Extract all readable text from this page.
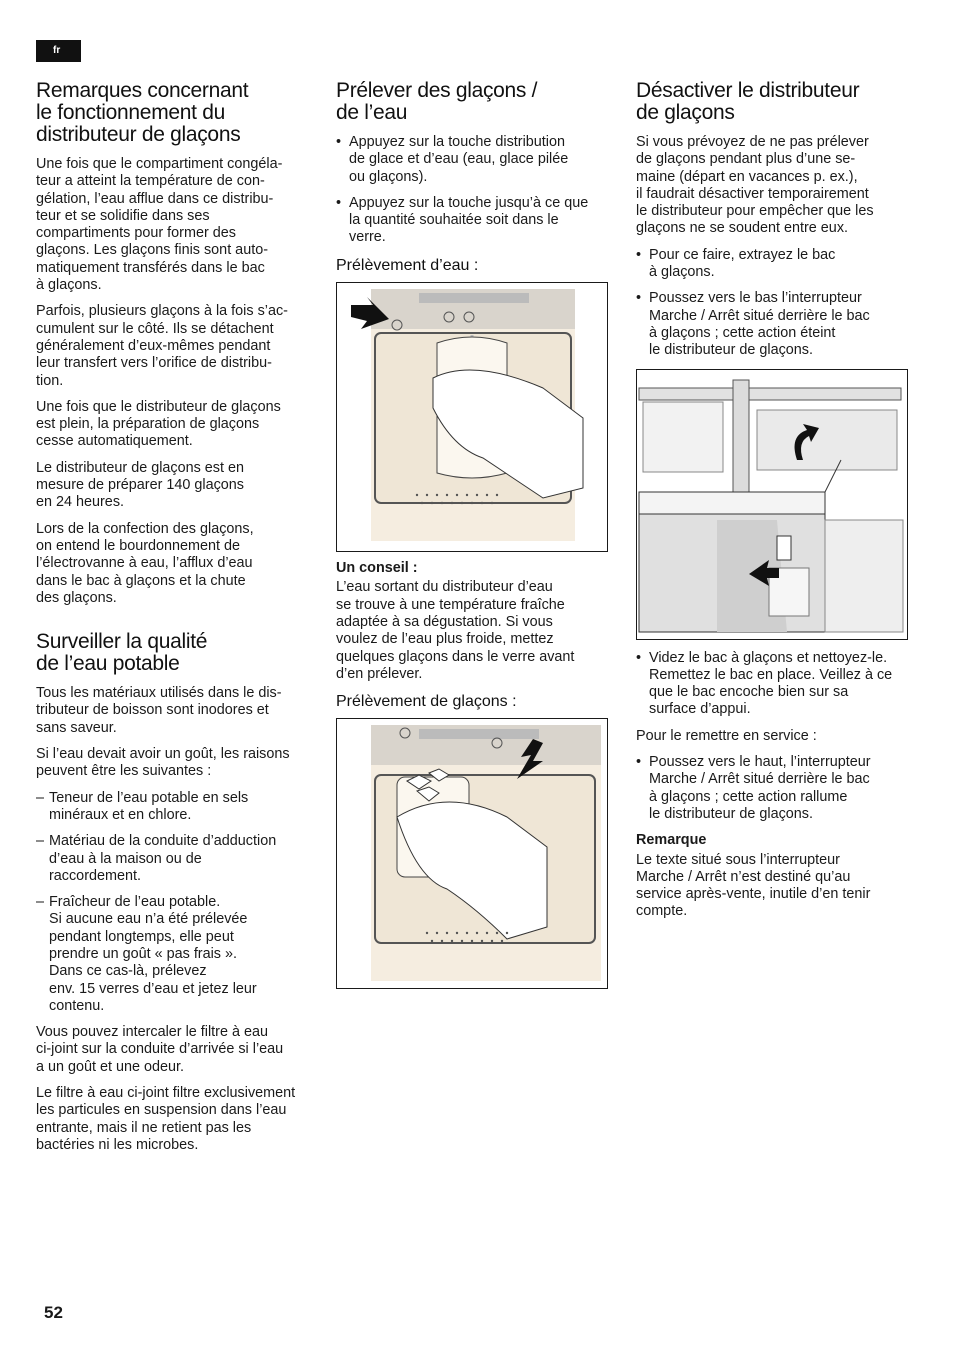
fr
Remarques concernant
le fonctionnement du
distributeur de glaçons

Une fois que le compartiment congéla-
teur a atteint la température de con-
gélation, l’eau afflue dans ce distribu-
teur et se solidifie dans ses
compartiments pour former des
glaçons. Les glaçons finis sont auto-
matiquement transférés dans le bac
à glaçons.

Parfois, plusieurs glaçons à la fois s’ac-
cumulent sur le côté. Ils se détachent
généralement d’eux-mêmes pendant
leur transfert vers l’orifice de distribu-
tion.

Une fois que le distributeur de glaçons
est plein, la préparation de glaçons
cesse automatiquement.

Le distributeur de glaçons est en
mesure de préparer 140 glaçons
en 24 heures.

Lors de la confection des glaçons,
on entend le bourdonnement de
l’électrovanne à eau, l’afflux d’eau
dans le bac à glaçons et la chute
des glaçons.

Surveiller la qualité
de l’eau potable

Tous les matériaux utilisés dans le dis-
tributeur de boisson sont inodores et
sans saveur.

Si l’eau devait avoir un goût, les raisons
peuvent être les suivantes :

– Teneur de l’eau potable en sels
minéraux et en chlore.
– Matériau de la conduite d’adduction
d’eau à la maison ou de
raccordement.
– Fraîcheur de l’eau potable.
Si aucune eau n’a été prélevée
pendant longtemps, elle peut
prendre un goût « pas frais ».
Dans ce cas-là, prélevez
env. 15 verres d’eau et jetez leur
contenu.

Vous pouvez intercaler le filtre à eau
ci-joint sur la conduite d’arrivée si l’eau
a un goût et une odeur.

Le filtre à eau ci-joint filtre exclusivement
les particules en suspension dans l’eau
entrante, mais il ne retient pas les
bactéries ni les microbes.

Prélever des glaçons /
de l’eau
• Appuyez sur la touche distribution
de glace et d’eau (eau, glace pilée
ou glaçons).
• Appuyez sur la touche jusqu’à ce que
la quantité souhaitée soit dans le
verre.
Prélèvement d’eau :
Un conseil :

L’eau sortant du distributeur d’eau
se trouve à une température fraîche
adaptée à sa dégustation. Si vous
voulez de l’eau plus froide, mettez
quelques glaçons dans le verre avant
d’en prélever.

Prélèvement de glaçons :
Désactiver le distributeur
de glaçons

Si vous prévoyez de ne pas prélever
de glaçons pendant plus d’une se-
maine (départ en vacances p. ex.),
il faudrait désactiver temporairement
le distributeur pour empêcher que les
glaçons ne se soudent entre eux.

• Pour ce faire, extrayez le bac
à glaçons.
• Poussez vers le bas l’interrupteur
Marche / Arrêt situé derrière le bac
à glaçons ; cette action éteint
le distributeur de glaçons.
• Videz le bac à glaçons et nettoyez-le.
Remettez le bac en place. Veillez à ce
que le bac encoche bien sur sa
surface d’appui.

Pour le remettre en service :

• Poussez vers le haut, l’interrupteur
Marche / Arrêt situé derrière le bac
à glaçons ; cette action rallume
le distributeur de glaçons.
Remarque

Le texte situé sous l’interrupteur
Marche / Arrêt n’est destiné qu’au
service après-vente, inutile d’en tenir
compte.

52
